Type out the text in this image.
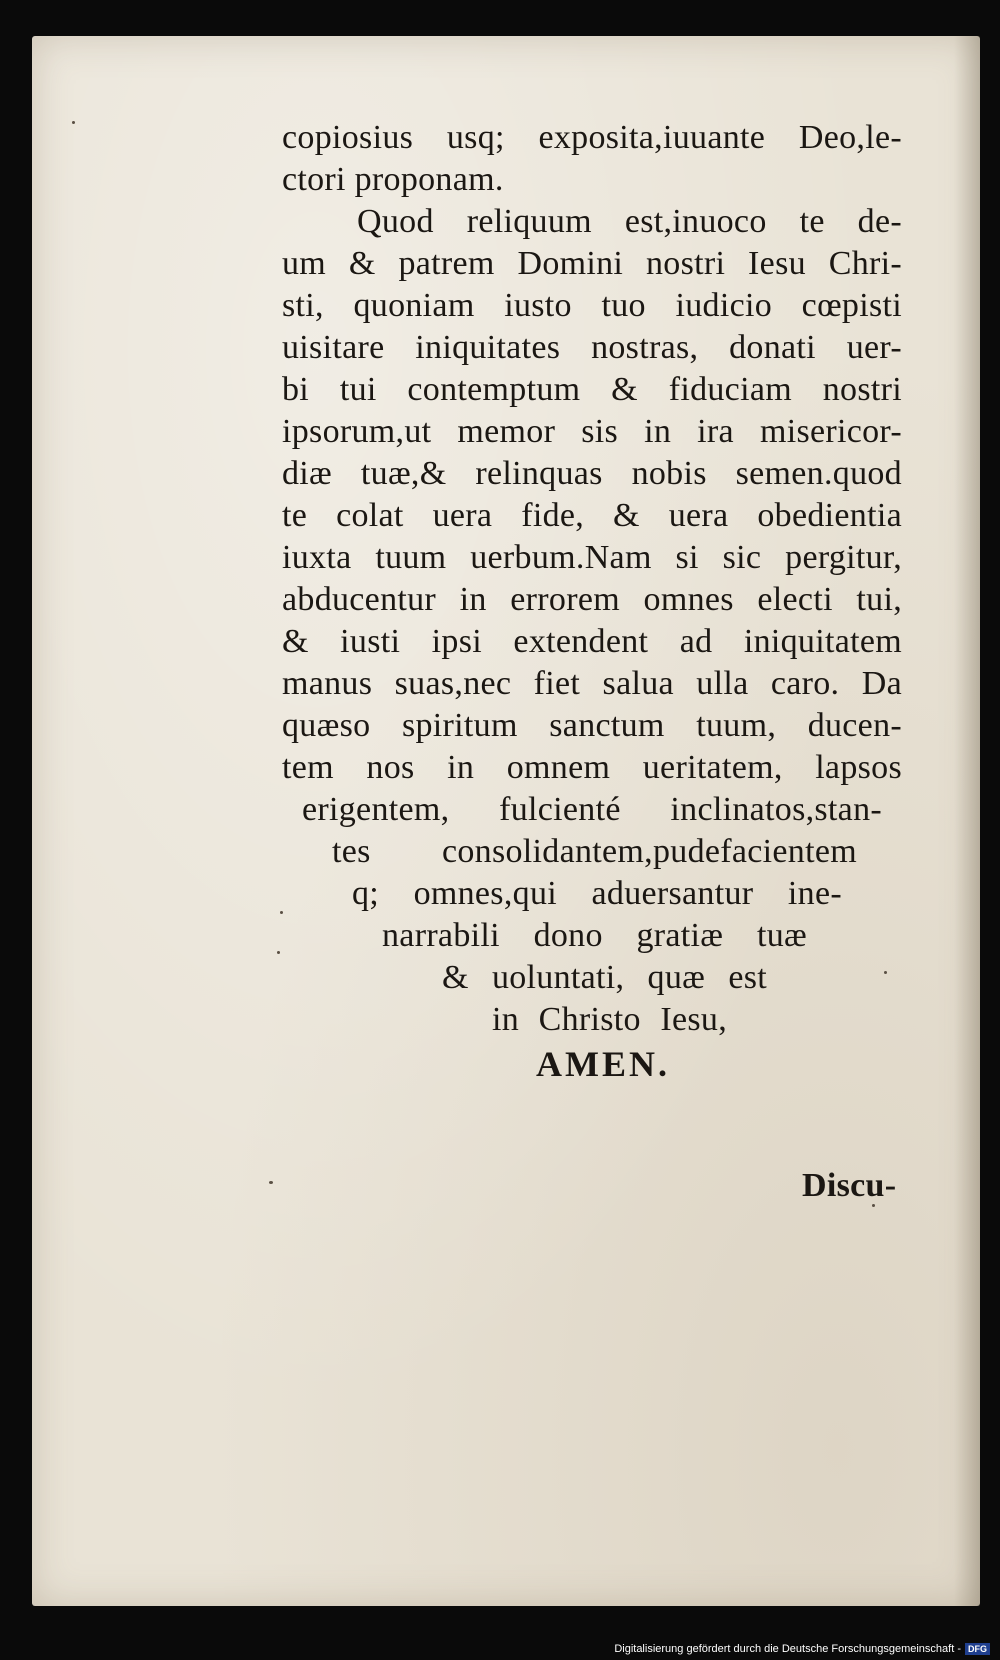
copiosius usq; exposita,iuuante Deo,le-
ctori proponam.
Quod reliquum est,inuoco te de-
um & patrem Domini nostri Iesu Chri-
sti, quoniam iusto tuo iudicio cœpisti
uisitare iniquitates nostras, donati uer-
bi tui contemptum & fiduciam nostri
ipsorum,ut memor sis in ira misericor-
diæ tuæ,& relinquas nobis semen.quod
te colat uera fide, & uera obedientia
iuxta tuum uerbum.Nam si sic pergitur,
abducentur in errorem omnes electi tui,
& iusti ipsi extendent ad iniquitatem
manus suas,nec fiet salua ulla caro. Da
quæso spiritum sanctum tuum, ducen-
tem nos in omnem ueritatem, lapsos
erigentem, fulcienté inclinatos,stan-
tes consolidantem,pudefacientem
q; omnes,qui aduersantur ine-
narrabili dono gratiæ tuæ
& uoluntati, quæ est
in Christo Iesu,
AMEN.
Discu-
Digitalisierung gefördert durch die Deutsche Forschungsgemeinschaft - DFG
